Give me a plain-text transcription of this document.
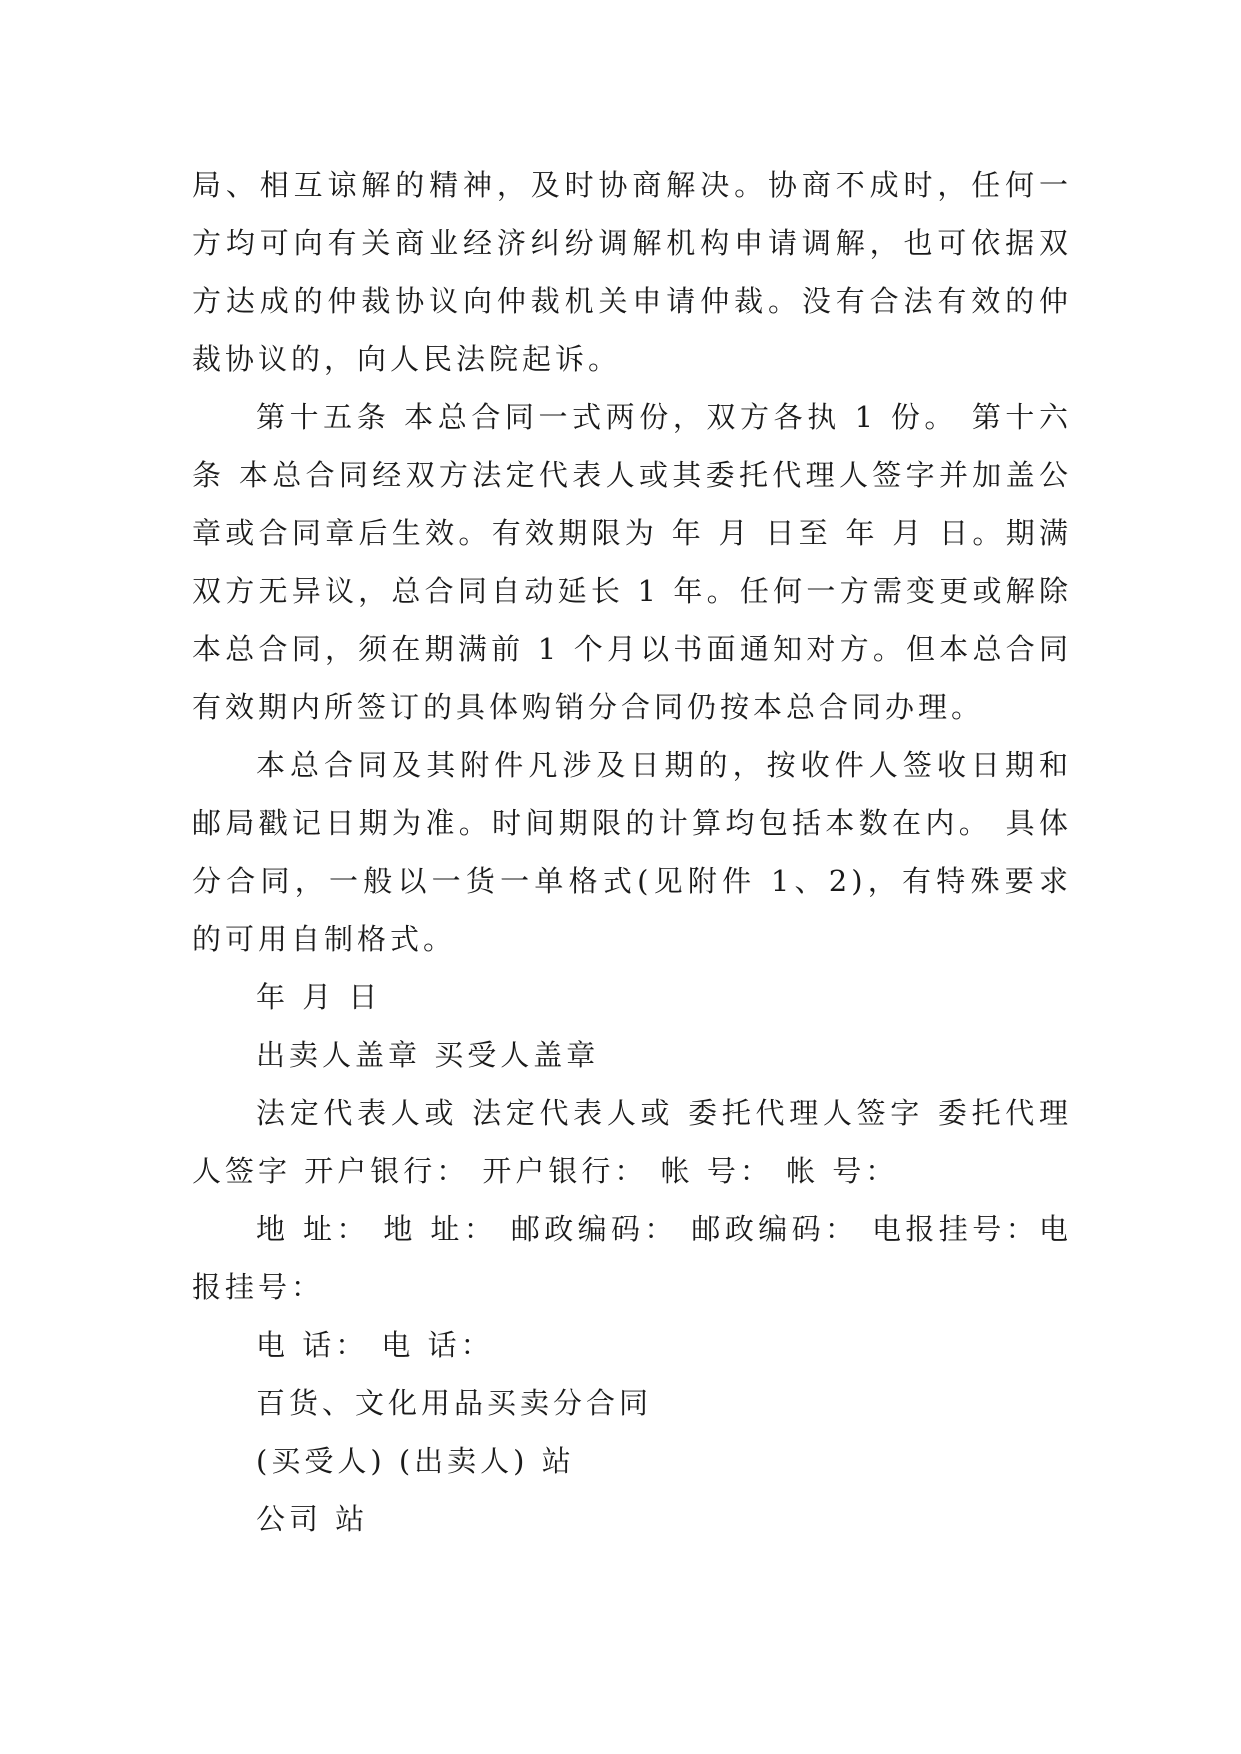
局、相互谅解的精神，及时协商解决。协商不成时，任何一方均可向有关商业经济纠纷调解机构申请调解，也可依据双方达成的仲裁协议向仲裁机关申请仲裁。没有合法有效的仲裁协议的，向人民法院起诉。

第十五条 本总合同一式两份，双方各执 1 份。 第十六条 本总合同经双方法定代表人或其委托代理人签字并加盖公章或合同章后生效。有效期限为 年 月 日至 年 月 日。期满双方无异议，总合同自动延长 1 年。任何一方需变更或解除本总合同，须在期满前 1 个月以书面通知对方。但本总合同有效期内所签订的具体购销分合同仍按本总合同办理。

本总合同及其附件凡涉及日期的，按收件人签收日期和邮局戳记日期为准。时间期限的计算均包括本数在内。 具体分合同，一般以一货一单格式(见附件 1、2)，有特殊要求的可用自制格式。

年 月 日

出卖人盖章 买受人盖章

法定代表人或 法定代表人或 委托代理人签字 委托代理人签字 开户银行： 开户银行： 帐 号： 帐 号：

地 址： 地 址： 邮政编码： 邮政编码： 电报挂号：电报挂号：

电 话： 电 话：

百货、文化用品买卖分合同

(买受人) (出卖人) 站

公司 站
